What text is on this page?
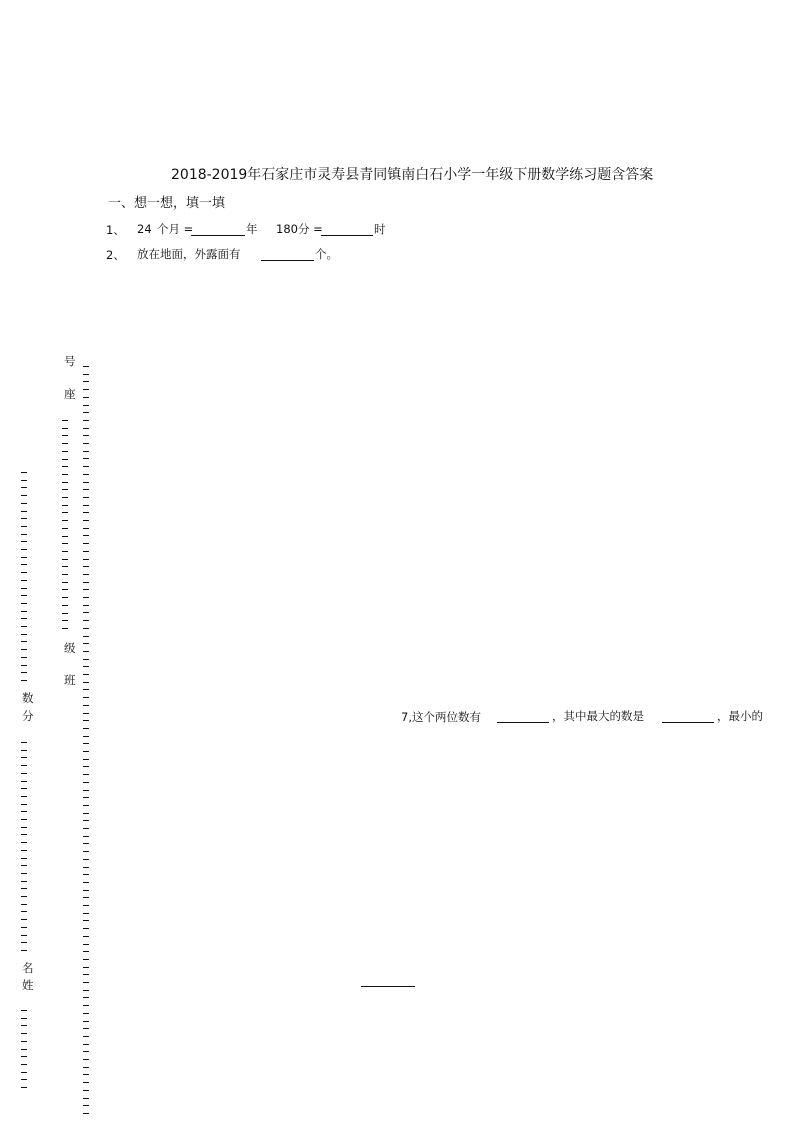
2018-2019年石家庄市灵寿县青同镇南白石小学一年级下册数学练习题含答案
一、想一想，填一填
1、 24 个月 =	年 180 分 =	时
2、 放在地面，外露面有	个。
7,这个两位数有	，其中最大的数是	，最小的
号
座
级
班
数
分
名
姓
